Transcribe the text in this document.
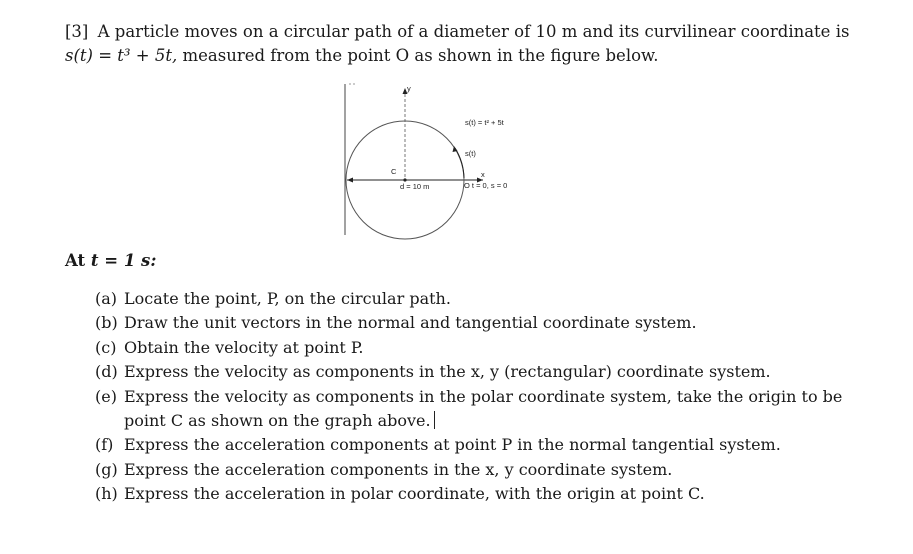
[3] A particle moves on a circular path of a diameter of 10 m and its curvilinear coordinate is
s(t) = t³ + 5t, measured from the point O as shown in the figure below.
y
C
d = 10 m
s(t) = t² + 5t
s(t)
x
O t = 0, s = 0
At t = 1 s:
(a) Locate the point, P, on the circular path.
(b) Draw the unit vectors in the normal and tangential coordinate system.
(c) Obtain the velocity at point P.
(d) Express the velocity as components in the x, y (rectangular) coordinate system.
(e) Express the velocity as components in the polar coordinate system, take the origin to be point C as shown on the graph above.
(f) Express the acceleration components at point P in the normal tangential system.
(g) Express the acceleration components in the x, y coordinate system.
(h) Express the acceleration in polar coordinate, with the origin at point C.
